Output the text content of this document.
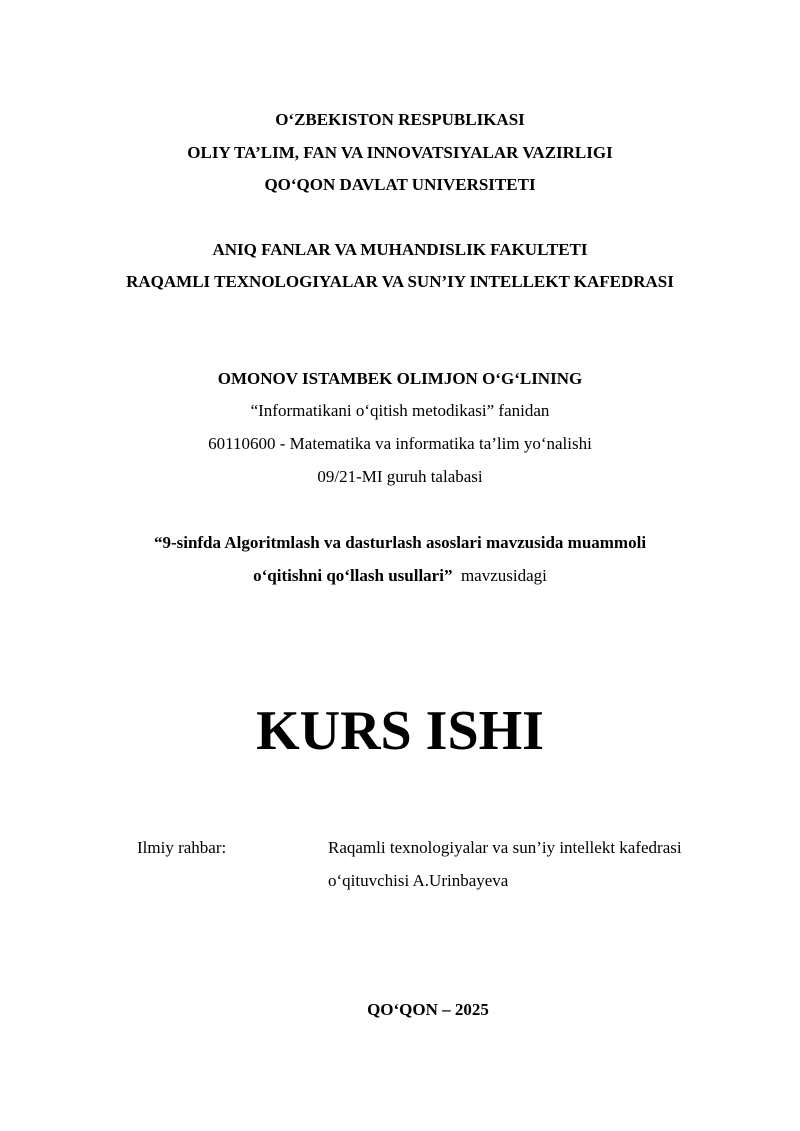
O‘ZBEKISTON RESPUBLIKASI
OLIY TA’LIM, FAN VA INNOVATSIYALAR VAZIRLIGI
QO‘QON DAVLAT UNIVERSITETI
ANIQ FANLAR VA MUHANDISLIK FAKULTETI
RAQAMLI TEXNOLOGIYALAR VA SUN’IY INTELLEKT KAFEDRASI
OMONOV ISTAMBEK OLIMJON O‘G‘LINING
“Informatikani o‘qitish metodikasi” fanidan
60110600 - Matematika va informatika ta’lim yo‘nalishi
09/21-MI guruh talabasi
“9-sinfda Algoritmlash va dasturlash asoslari mavzusida muammoli
o‘qitishni qo‘llash usullari” mavzusidagi
KURS ISHI
Ilmiy rahbar:	Raqamli texnologiyalar va sun’iy intellekt kafedrasi
o‘qituvchisi A.Urinbayeva
QO‘QON – 2025
